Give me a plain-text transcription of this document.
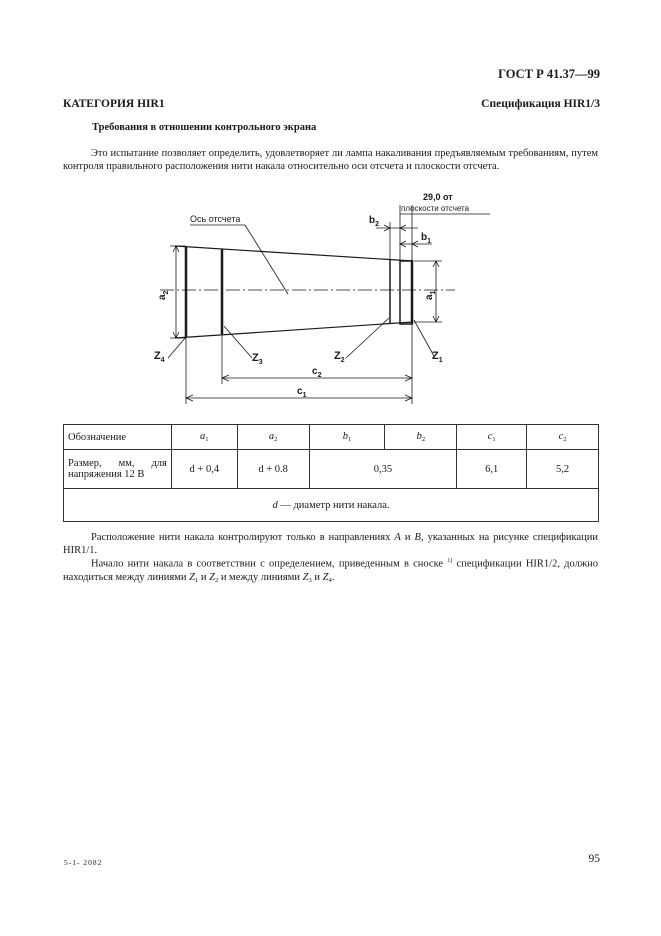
ГОСТ Р 41.37—99
КАТЕГОРИЯ HIR1	Спецификация HIR1/3
Требования в отношении контрольного экрана
Это испытание позволяет определить, удовлетворяет ли лампа накаливания предъявляемым требованиям, путем контроля правильного расположения нити накала относительно оси отсчета и плоскости отсчета.
Ось отсчета
29,0 от
плоскости отсчета
$b_2$
$b_1$
$a_2$
$a_1$
$Z_4$	$Z_3$
$Z_2$	$Z_1$
$c_2$
$c_1$
Обозначение	$a_1$	$a_2$	$b_1$	$b_2$	$c_1$	$c_2$
Размер, мм, для напряжения 12 В	d + 0,4	d + 0.8	0,35		6,1	5,2
d — диаметр нити накала.						
Расположение нити накала контролируют только в направлениях A и B, указанных на рисунке спецификации HIR1/1.
Начало нити накала в соответствии с определением, приведенным в сноске $^{1)}$ спецификации HIR1/2, должно находиться между линиями $Z_1$ и $Z_2$ и между линиями $Z_3$ и $Z_4$.
5-1- 2082	95
